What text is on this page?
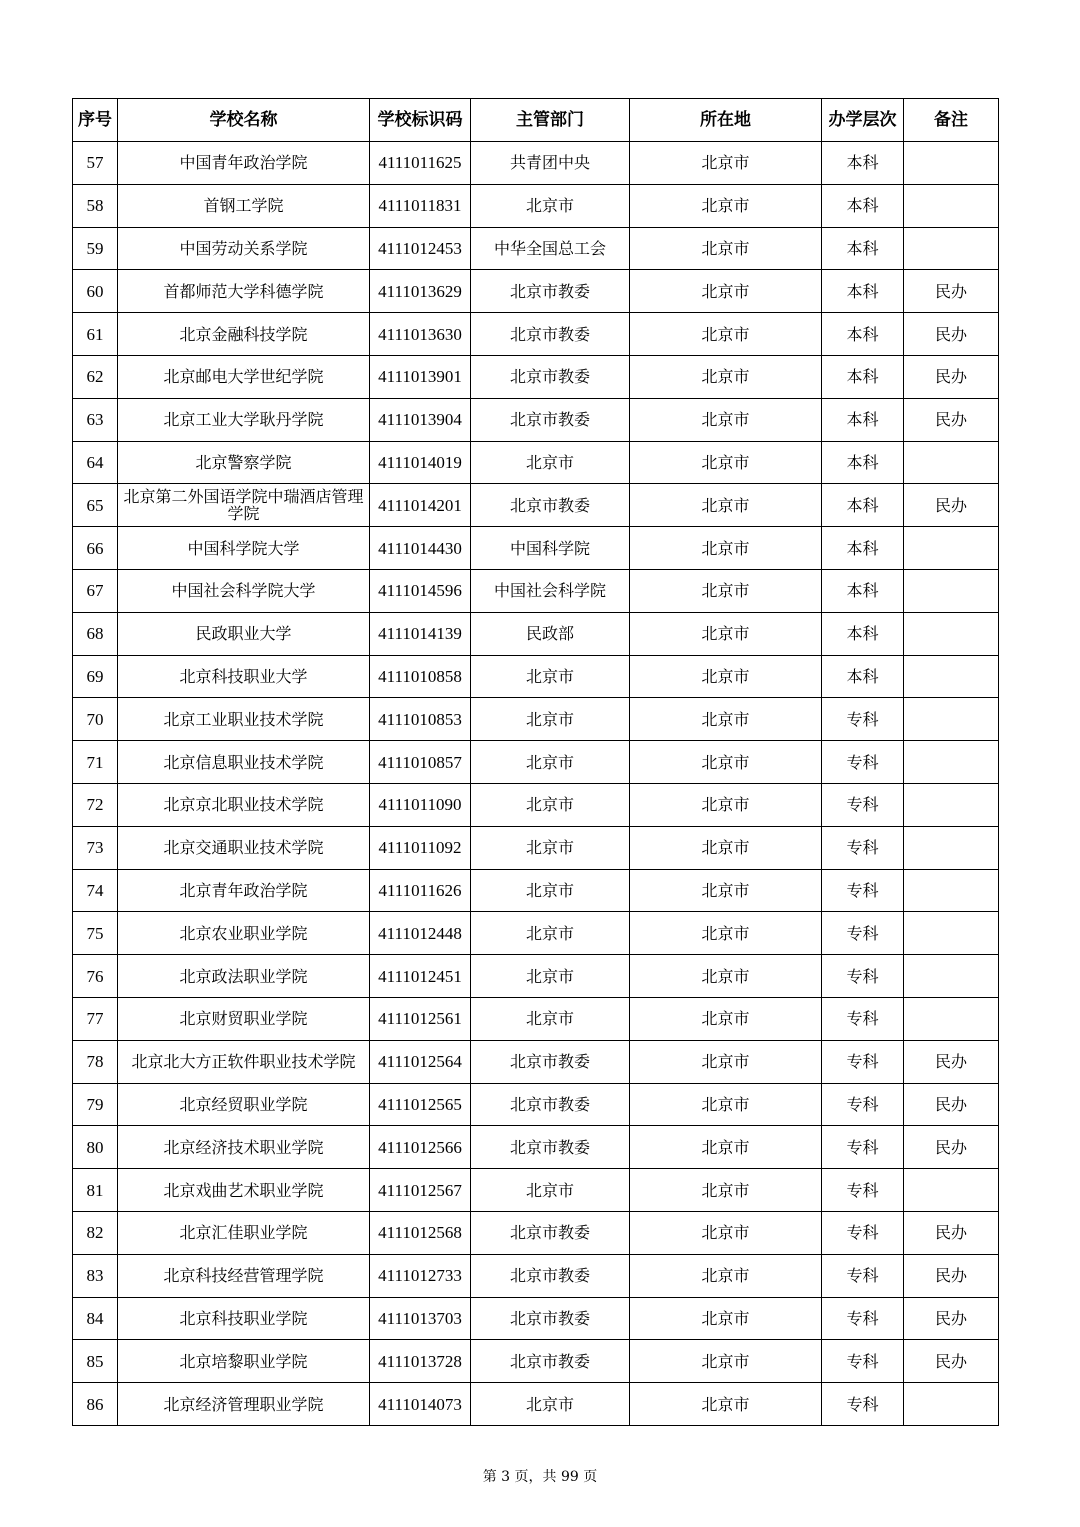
序号	学校名称	学校标识码	主管部门	所在地	办学层次	备注
57	中国青年政治学院	4111011625	共青团中央	北京市	本科	
58	首钢工学院	4111011831	北京市	北京市	本科	
59	中国劳动关系学院	4111012453	中华全国总工会	北京市	本科	
60	首都师范大学科德学院	4111013629	北京市教委	北京市	本科	民办
61	北京金融科技学院	4111013630	北京市教委	北京市	本科	民办
62	北京邮电大学世纪学院	4111013901	北京市教委	北京市	本科	民办
63	北京工业大学耿丹学院	4111013904	北京市教委	北京市	本科	民办
64	北京警察学院	4111014019	北京市	北京市	本科	
65	北京第二外国语学院中瑞酒店管理学院	4111014201	北京市教委	北京市	本科	民办
66	中国科学院大学	4111014430	中国科学院	北京市	本科	
67	中国社会科学院大学	4111014596	中国社会科学院	北京市	本科	
68	民政职业大学	4111014139	民政部	北京市	本科	
69	北京科技职业大学	4111010858	北京市	北京市	本科	
70	北京工业职业技术学院	4111010853	北京市	北京市	专科	
71	北京信息职业技术学院	4111010857	北京市	北京市	专科	
72	北京京北职业技术学院	4111011090	北京市	北京市	专科	
73	北京交通职业技术学院	4111011092	北京市	北京市	专科	
74	北京青年政治学院	4111011626	北京市	北京市	专科	
75	北京农业职业学院	4111012448	北京市	北京市	专科	
76	北京政法职业学院	4111012451	北京市	北京市	专科	
77	北京财贸职业学院	4111012561	北京市	北京市	专科	
78	北京北大方正软件职业技术学院	4111012564	北京市教委	北京市	专科	民办
79	北京经贸职业学院	4111012565	北京市教委	北京市	专科	民办
80	北京经济技术职业学院	4111012566	北京市教委	北京市	专科	民办
81	北京戏曲艺术职业学院	4111012567	北京市	北京市	专科	
82	北京汇佳职业学院	4111012568	北京市教委	北京市	专科	民办
83	北京科技经营管理学院	4111012733	北京市教委	北京市	专科	民办
84	北京科技职业学院	4111013703	北京市教委	北京市	专科	民办
85	北京培黎职业学院	4111013728	北京市教委	北京市	专科	民办
86	北京经济管理职业学院	4111014073	北京市	北京市	专科	
第 3 页，共 99 页
